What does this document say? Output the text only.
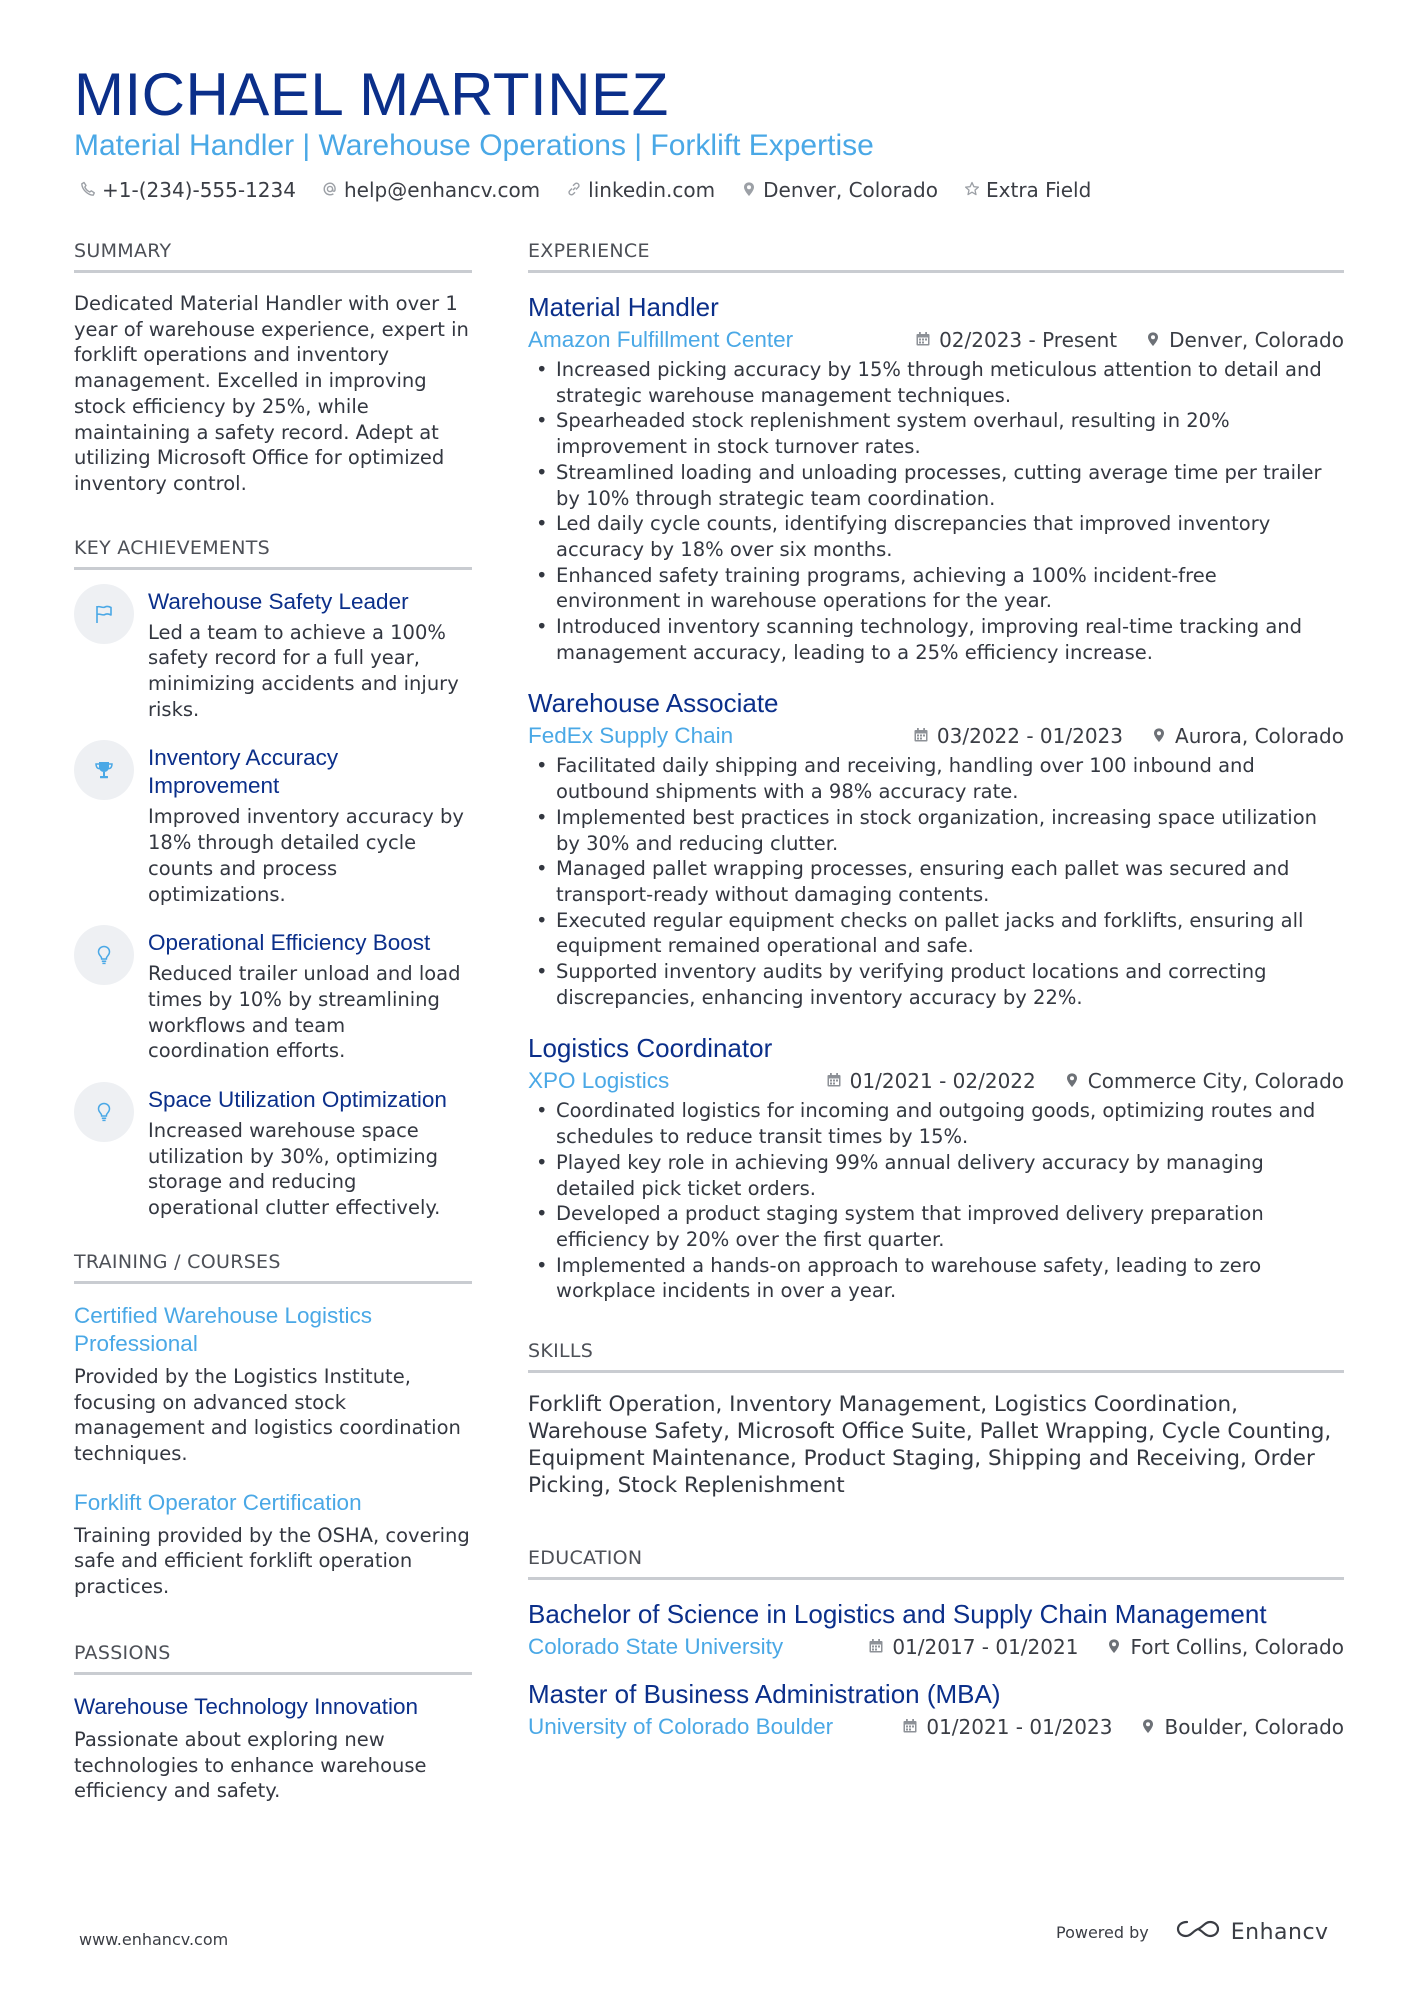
MICHAEL MARTINEZ
Material Handler | Warehouse Operations | Forklift Expertise
+1-(234)-555-1234 help@enhancv.com linkedin.com Denver, Colorado Extra Field
SUMMARY
Dedicated Material Handler with over 1 year of warehouse experience, expert in forklift operations and inventory management. Excelled in improving stock efficiency by 25%, while maintaining a safety record. Adept at utilizing Microsoft Office for optimized inventory control.
KEY ACHIEVEMENTS
Warehouse Safety Leader
Led a team to achieve a 100% safety record for a full year, minimizing accidents and injury risks.
Inventory Accuracy Improvement
Improved inventory accuracy by 18% through detailed cycle counts and process optimizations.
Operational Efficiency Boost
Reduced trailer unload and load times by 10% by streamlining workflows and team coordination efforts.
Space Utilization Optimization
Increased warehouse space utilization by 30%, optimizing storage and reducing operational clutter effectively.
TRAINING / COURSES
Certified Warehouse Logistics Professional
Provided by the Logistics Institute, focusing on advanced stock management and logistics coordination techniques.
Forklift Operator Certification
Training provided by the OSHA, covering safe and efficient forklift operation practices.
PASSIONS
Warehouse Technology Innovation
Passionate about exploring new technologies to enhance warehouse efficiency and safety.
EXPERIENCE
Material Handler
Amazon Fulfillment Center	02/2023 - Present	Denver, Colorado
• Increased picking accuracy by 15% through meticulous attention to detail and strategic warehouse management techniques.
• Spearheaded stock replenishment system overhaul, resulting in 20% improvement in stock turnover rates.
• Streamlined loading and unloading processes, cutting average time per trailer by 10% through strategic team coordination.
• Led daily cycle counts, identifying discrepancies that improved inventory accuracy by 18% over six months.
• Enhanced safety training programs, achieving a 100% incident-free environment in warehouse operations for the year.
• Introduced inventory scanning technology, improving real-time tracking and management accuracy, leading to a 25% efficiency increase.
Warehouse Associate
FedEx Supply Chain	03/2022 - 01/2023	Aurora, Colorado
• Facilitated daily shipping and receiving, handling over 100 inbound and outbound shipments with a 98% accuracy rate.
• Implemented best practices in stock organization, increasing space utilization by 30% and reducing clutter.
• Managed pallet wrapping processes, ensuring each pallet was secured and transport-ready without damaging contents.
• Executed regular equipment checks on pallet jacks and forklifts, ensuring all equipment remained operational and safe.
• Supported inventory audits by verifying product locations and correcting discrepancies, enhancing inventory accuracy by 22%.
Logistics Coordinator
XPO Logistics	01/2021 - 02/2022	Commerce City, Colorado
• Coordinated logistics for incoming and outgoing goods, optimizing routes and schedules to reduce transit times by 15%.
• Played key role in achieving 99% annual delivery accuracy by managing detailed pick ticket orders.
• Developed a product staging system that improved delivery preparation efficiency by 20% over the first quarter.
• Implemented a hands-on approach to warehouse safety, leading to zero workplace incidents in over a year.
SKILLS
Forklift Operation, Inventory Management, Logistics Coordination, Warehouse Safety, Microsoft Office Suite, Pallet Wrapping, Cycle Counting, Equipment Maintenance, Product Staging, Shipping and Receiving, Order Picking, Stock Replenishment
EDUCATION
Bachelor of Science in Logistics and Supply Chain Management
Colorado State University	01/2017 - 01/2021	Fort Collins, Colorado
Master of Business Administration (MBA)
University of Colorado Boulder	01/2021 - 01/2023	Boulder, Colorado
www.enhancv.com	Powered by	Enhancv
